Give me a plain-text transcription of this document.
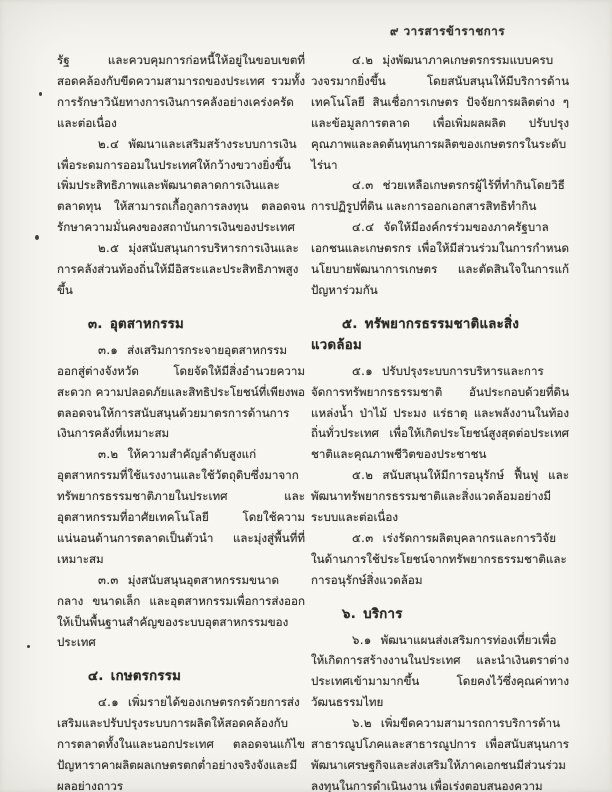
๙ วารสารข้าราชการ

รัฐ และควบคุมการก่อหนี้ให้อยู่ในขอบเขตที่สอดคล้องกับขีดความสามารถของประเทศ รวมทั้งการรักษาวินัยทางการเงินการคลังอย่างเคร่งครัดและต่อเนื่อง

๒.๔ พัฒนาและเสริมสร้างระบบการเงิน เพื่อระดมการออมในประเทศให้กว้างขวางยิ่งขึ้น เพิ่มประสิทธิภาพและพัฒนาตลาดการเงินและตลาดทุน ให้สามารถเกื้อกูลการลงทุน ตลอดจนรักษาความมั่นคงของสถาบันการเงินของประเทศ

๒.๕ มุ่งสนับสนุนการบริหารการเงินและการคลังส่วนท้องถิ่นให้มีอิสระและประสิทธิภาพสูงขึ้น

๓. อุตสาหกรรม

๓.๑ ส่งเสริมการกระจายอุตสาหกรรมออกสู่ต่างจังหวัด โดยจัดให้มีสิ่งอำนวยความสะดวก ความปลอดภัยและสิทธิประโยชน์ที่เพียงพอ ตลอดจนให้การสนับสนุนด้วยมาตรการด้านการเงินการคลังที่เหมาะสม

๓.๒ ให้ความสำคัญลำดับสูงแก่อุตสาหกรรมที่ใช้แรงงานและใช้วัตถุดิบซึ่งมาจากทรัพยากรธรรมชาติภายในประเทศ และอุตสาหกรรมที่อาศัยเทคโนโลยี โดยใช้ความแน่นอนด้านการตลาดเป็นตัวนำ และมุ่งสู่พื้นที่ที่เหมาะสม

๓.๓ มุ่งสนับสนุนอุตสาหกรรมขนาดกลาง ขนาดเล็ก และอุตสาหกรรมเพื่อการส่งออกให้เป็นพื้นฐานสำคัญของระบบอุตสาหกรรมของประเทศ

๔. เกษตรกรรม

๔.๑ เพิ่มรายได้ของเกษตรกรด้วยการส่งเสริมและปรับปรุงระบบการผลิตให้สอดคล้องกับการตลาดทั้งในและนอกประเทศ ตลอดจนแก้ไขปัญหาราคาผลิตผลเกษตรตกต่ำอย่างจริงจังและมีผลอย่างถาวร

๔.๒ มุ่งพัฒนาภาคเกษตรกรรมแบบครบวงจรมากยิ่งขึ้น โดยสนับสนุนให้มีบริการด้านเทคโนโลยี สินเชื่อการเกษตร ปัจจัยการผลิตต่าง ๆ และข้อมูลการตลาด เพื่อเพิ่มผลผลิต ปรับปรุงคุณภาพและลดต้นทุนการผลิตของเกษตรกรในระดับไร่นา

๔.๓ ช่วยเหลือเกษตรกรผู้ไร้ที่ทำกินโดยวิธีการปฏิรูปที่ดิน และการออกเอกสารสิทธิทำกิน

๔.๔ จัดให้มีองค์กรร่วมของภาครัฐบาล เอกชนและเกษตรกร เพื่อให้มีส่วนร่วมในการกำหนดนโยบายพัฒนาการเกษตร และตัดสินใจในการแก้ปัญหาร่วมกัน

๕. ทรัพยากรธรรมชาติและสิ่งแวดล้อม

๕.๑ ปรับปรุงระบบการบริหารและการจัดการทรัพยากรธรรมชาติ อันประกอบด้วยที่ดิน แหล่งน้ำ ป่าไม้ ประมง แร่ธาตุ และพลังงานในท้องถิ่นทั่วประเทศ เพื่อให้เกิดประโยชน์สูงสุดต่อประเทศชาติและคุณภาพชีวิตของประชาชน

๕.๒ สนับสนุนให้มีการอนุรักษ์ ฟื้นฟู และพัฒนาทรัพยากรธรรมชาติและสิ่งแวดล้อมอย่างมีระบบและต่อเนื่อง

๕.๓ เร่งรัดการผลิตบุคลากรและการวิจัยในด้านการใช้ประโยชน์จากทรัพยากรธรรมชาติและการอนุรักษ์สิ่งแวดล้อม

๖. บริการ

๖.๑ พัฒนาแผนส่งเสริมการท่องเที่ยวเพื่อให้เกิดการสร้างงานในประเทศ และนำเงินตราต่างประเทศเข้ามามากขึ้น โดยคงไว้ซึ่งคุณค่าทางวัฒนธรรมไทย

๖.๒ เพิ่มขีดความสามารถการบริการด้านสาธารณูปโภคและสาธารณูปการ เพื่อสนับสนุนการพัฒนาเศรษฐกิจและส่งเสริมให้ภาคเอกชนมีส่วนร่วมลงทุนในการดำเนินงาน เพื่อเร่งตอบสนองความ
